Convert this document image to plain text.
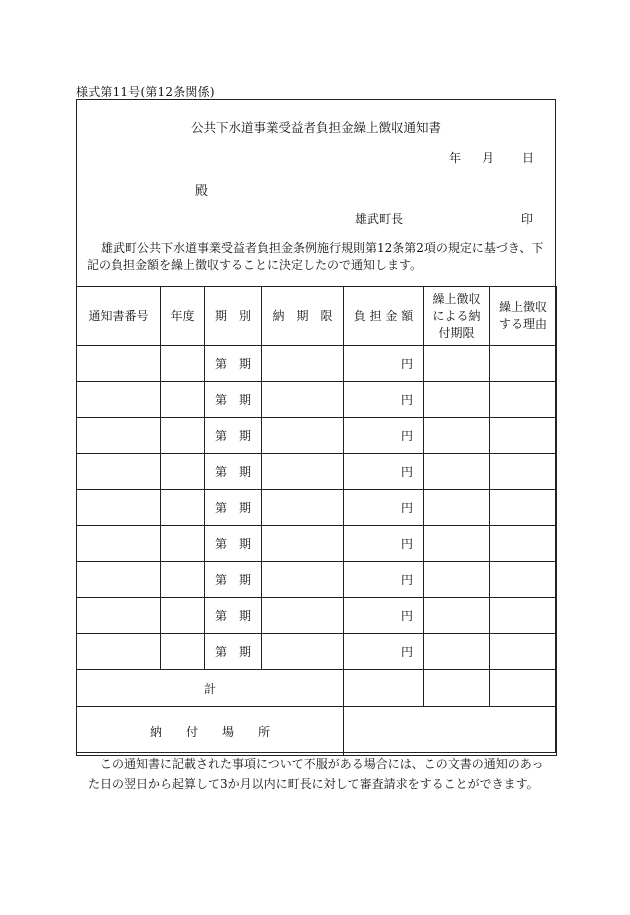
様式第11号(第12条関係)
公共下水道事業受益者負担金繰上徴収通知書
年 月 日
殿
雄武町長	印
雄武町公共下水道事業受益者負担金条例施行規則第12条第2項の規定に基づき、下記の負担金額を繰上徴収することに決定したので通知します。
通知書番号	年度	期　別	納　期　限	負 担 金 額	繰上徴収による納付期限	繰上徴収する理由
		第　期		円		
		第　期		円		
		第　期		円		
		第　期		円		
		第　期		円		
		第　期		円		
		第　期		円		
		第　期		円		
		第　期		円		
計						
納　　付　　場　　所						
この通知書に記載された事項について不服がある場合には、この文書の通知のあった日の翌日から起算して3か月以内に町長に対して審査請求をすることができます。
